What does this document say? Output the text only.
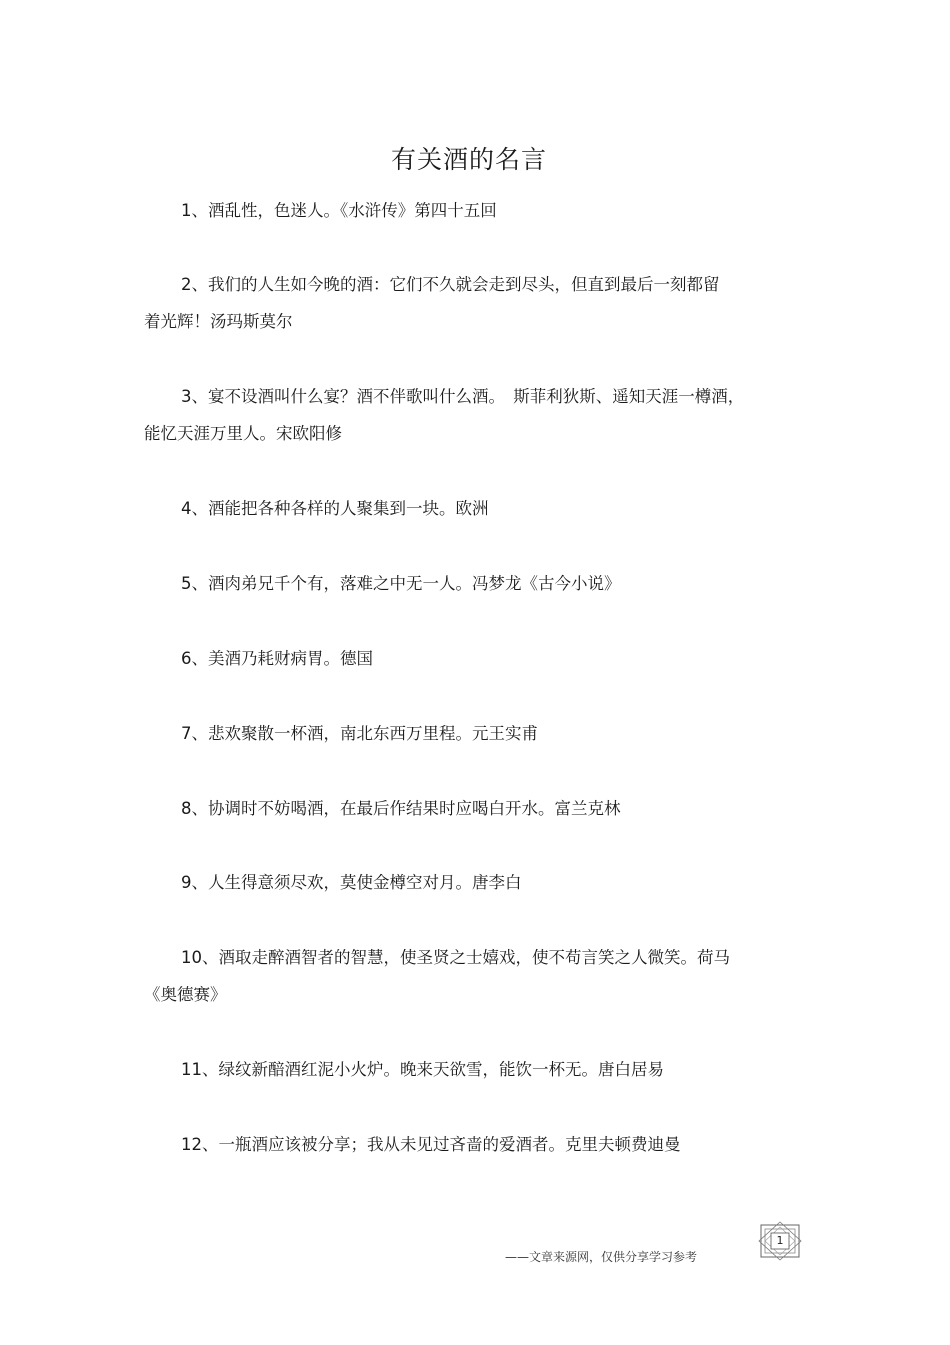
有关酒的名言
1、酒乱性，色迷人。《水浒传》第四十五回
2、我们的人生如今晚的酒：它们不久就会走到尽头，但直到最后一刻都留
着光辉！汤玛斯莫尔
3、宴不设酒叫什么宴？酒不伴歌叫什么酒。　斯菲利狄斯、遥知天涯一樽酒，
能忆天涯万里人。宋欧阳修
4、酒能把各种各样的人聚集到一块。欧洲
5、酒肉弟兄千个有，落难之中无一人。冯梦龙《古今小说》
6、美酒乃耗财病胃。德国
7、悲欢聚散一杯酒，南北东西万里程。元王实甫
8、协调时不妨喝酒，在最后作结果时应喝白开水。富兰克林
9、人生得意须尽欢，莫使金樽空对月。唐李白
10、酒取走醉酒智者的智慧，使圣贤之士嬉戏，使不苟言笑之人微笑。荷马
《奥德赛》
11、绿纹新醅酒红泥小火炉。晚来天欲雪，能饮一杯无。唐白居易
12、一瓶酒应该被分享；我从未见过吝啬的爱酒者。克里夫顿费迪曼
——文章来源网，仅供分享学习参考
1
